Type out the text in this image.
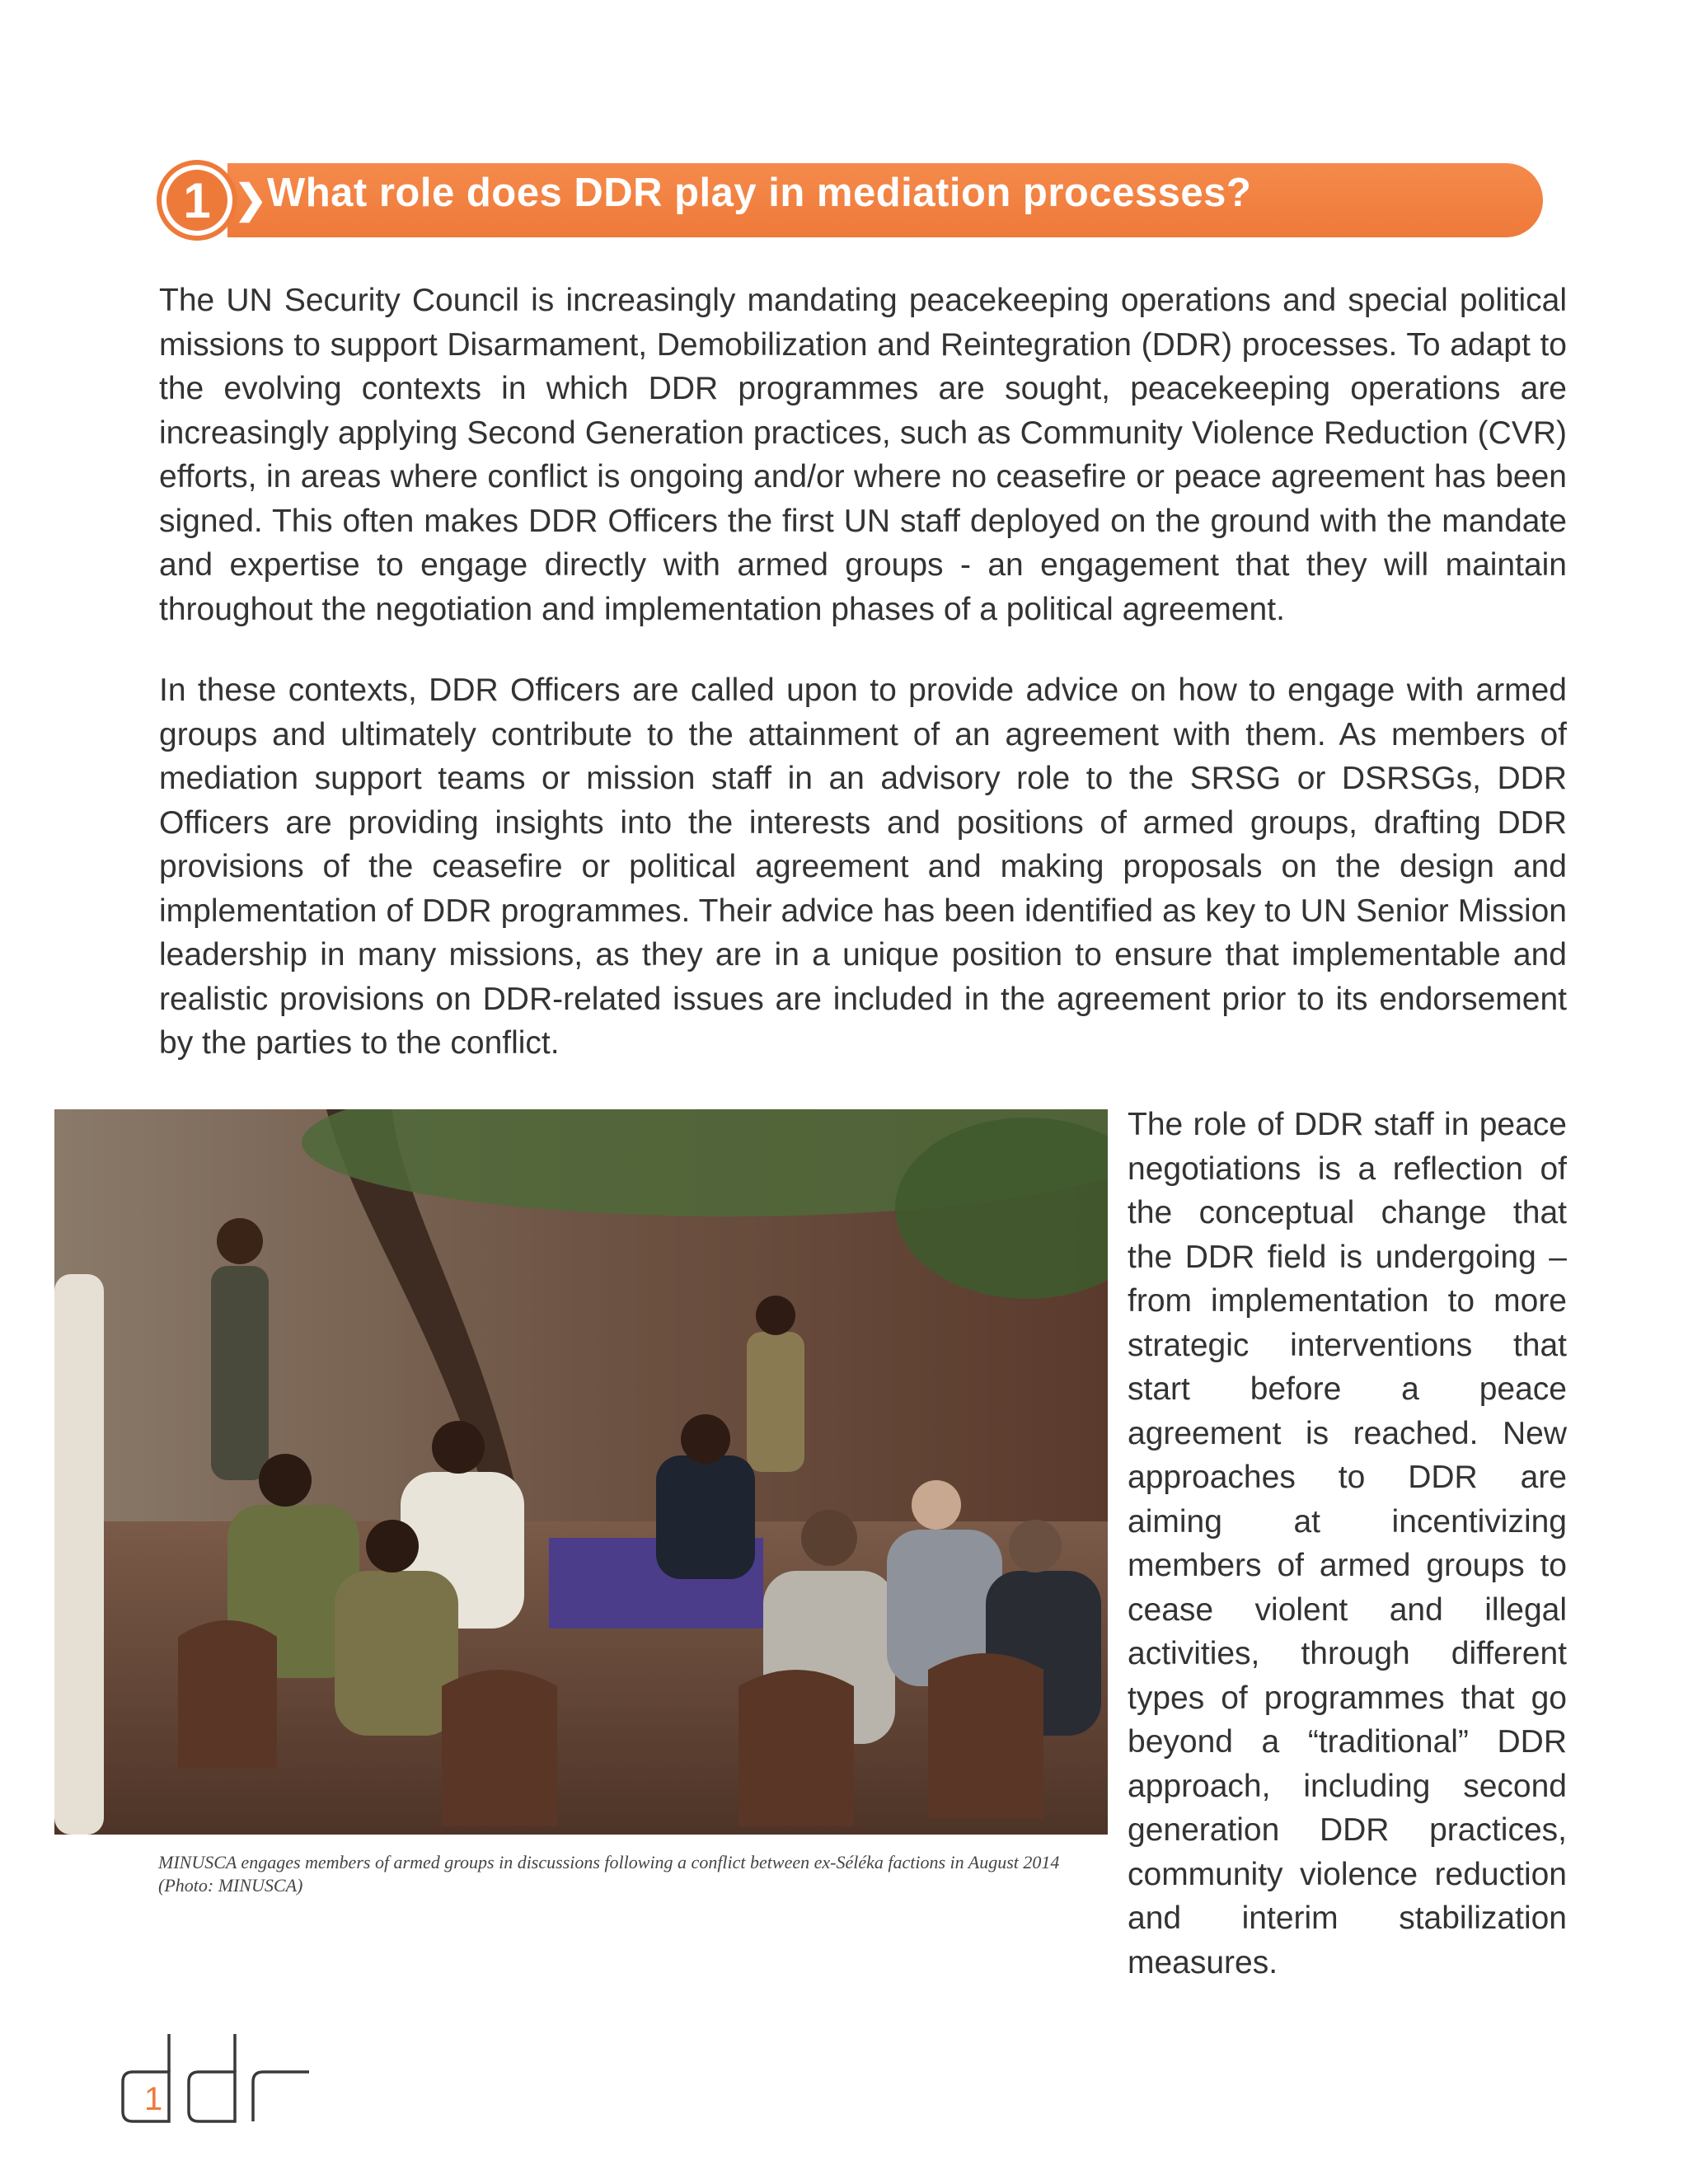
1 ❯ What role does DDR play in mediation processes?

The UN Security Council is increasingly mandating peacekeeping operations and special political missions to support Disarmament, Demobilization and Reintegration (DDR) processes. To adapt to the evolving contexts in which DDR programmes are sought, peacekeeping operations are increasingly applying Second Generation practices, such as Community Violence Reduction (CVR) efforts, in areas where conflict is ongoing and/or where no ceasefire or peace agreement has been signed. This often makes DDR Officers the first UN staff deployed on the ground with the mandate and expertise to engage directly with armed groups - an engagement that they will maintain throughout the negotiation and implementation phases of a political agreement.

In these contexts, DDR Officers are called upon to provide advice on how to engage with armed groups and ultimately contribute to the attainment of an agreement with them. As members of mediation support teams or mission staff in an advisory role to the SRSG or DSRSGs, DDR Officers are providing insights into the interests and positions of armed groups, drafting DDR provisions of the ceasefire or political agreement and making proposals on the design and implementation of DDR programmes. Their advice has been identified as key to UN Senior Mission leadership in many missions, as they are in a unique position to ensure that implementable and realistic provisions on DDR-related issues are included in the agreement prior to its endorsement by the parties to the conflict.

MINUSCA engages members of armed groups in discussions following a conflict between ex-Séléka factions in August 2014
(Photo: MINUSCA)

The role of DDR staff in peace negotiations is a reflection of the conceptual change that the DDR field is undergoing – from implementation to more strategic interventions that start before a peace agreement is reached. New approaches to DDR are aiming at incentivizing members of armed groups to cease violent and illegal activities, through different types of programmes that go beyond a “traditional” DDR approach, including second generation DDR practices, community violence reduction and interim stabilization measures.

1
